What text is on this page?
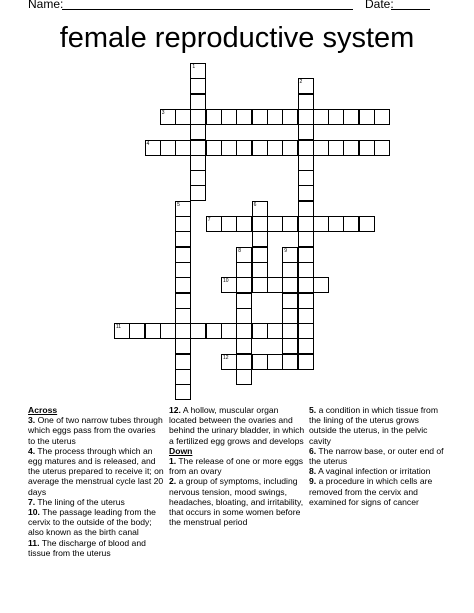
Name:	Date:
female reproductive system
1
2
3
4
5	6
7
8	9
10
11
12
Across
3. One of two narrow tubes through which eggs pass from the ovaries to the uterus
4. The process through which an egg matures and is released, and the uterus prepared to receive it; on average the menstrual cycle last 20 days
7. The lining of the uterus
10. The passage leading from the cervix to the outside of the body; also known as the birth canal
11. The discharge of blood and tissue from the uterus
12. A hollow, muscular organ located between the ovaries and behind the urinary bladder, in which a fertilized egg grows and develops
Down
1. The release of one or more eggs from an ovary
2. a group of symptoms, including nervous tension, mood swings, headaches, bloating, and irritability, that occurs in some women before the menstrual period
5. a condition in which tissue from the lining of the uterus grows outside the uterus, in the pelvic cavity
6. The narrow base, or outer end of the uterus
8. A vaginal infection or irritation
9. a procedure in which cells are removed from the cervix and examined for signs of cancer
